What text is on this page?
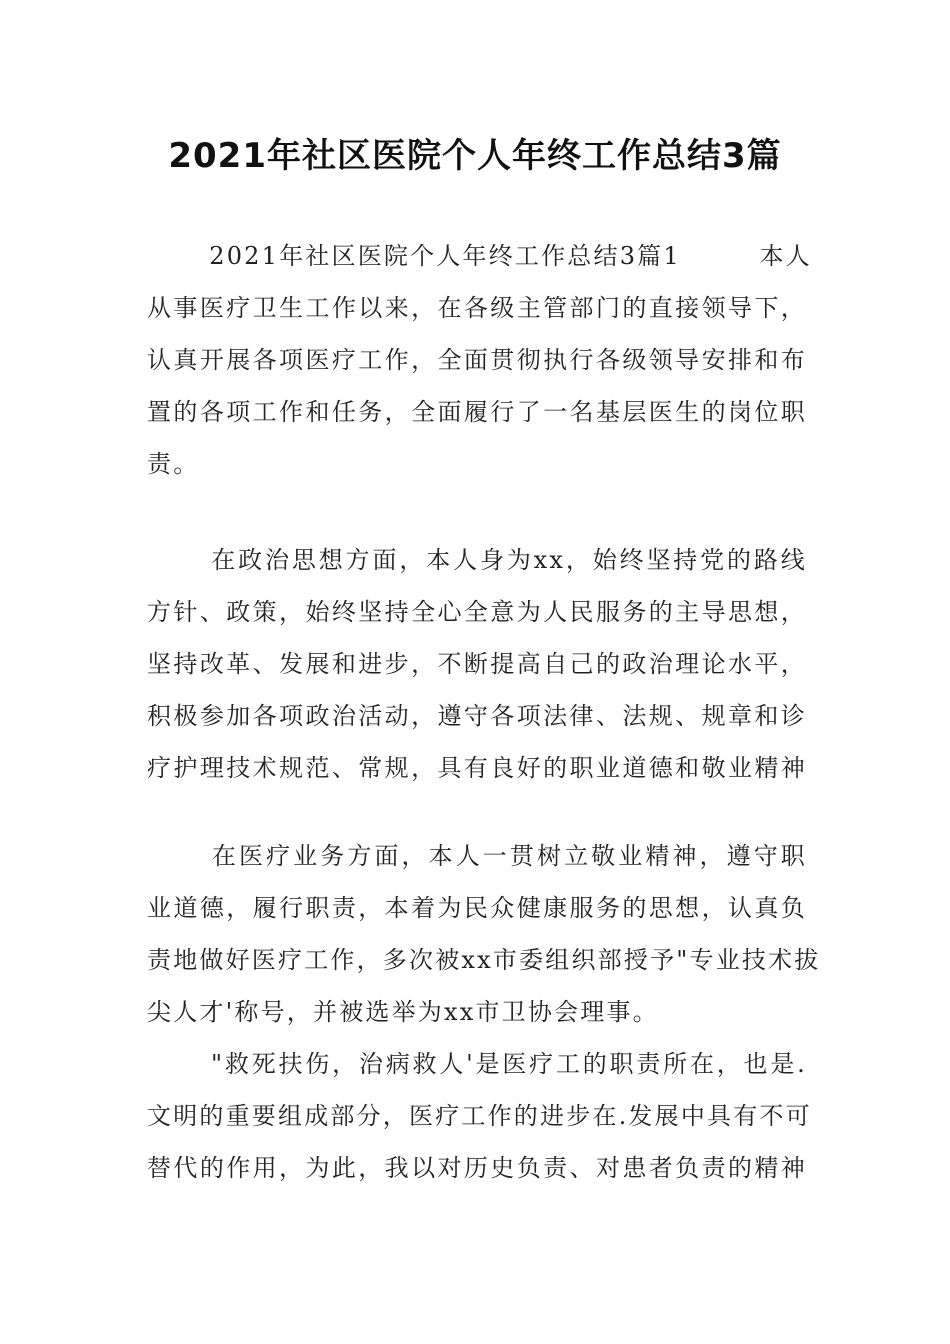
2021年社区医院个人年终工作总结3篇
　　 2021年社区医院个人年终工作总结3篇1　　　本人
从事医疗卫生工作以来，在各级主管部门的直接领导下，
认真开展各项医疗工作，全面贯彻执行各级领导安排和布
置的各项工作和任务，全面履行了一名基层医生的岗位职
责。
　　 在政治思想方面，本人身为xx，始终坚持党的路线
方针、政策，始终坚持全心全意为人民服务的主导思想，
坚持改革、发展和进步，不断提高自己的政治理论水平，
积极参加各项政治活动，遵守各项法律、法规、规章和诊
疗护理技术规范、常规，具有良好的职业道德和敬业精神
　　 在医疗业务方面，本人一贯树立敬业精神，遵守职
业道德，履行职责，本着为民众健康服务的思想，认真负
责地做好医疗工作，多次被xx市委组织部授予"专业技术拔
尖人才'称号，并被选举为xx市卫协会理事。
　　 "救死扶伤，治病救人'是医疗工的职责所在，也是.
文明的重要组成部分，医疗工作的进步在.发展中具有不可
替代的作用，为此，我以对历史负责、对患者负责的精神
